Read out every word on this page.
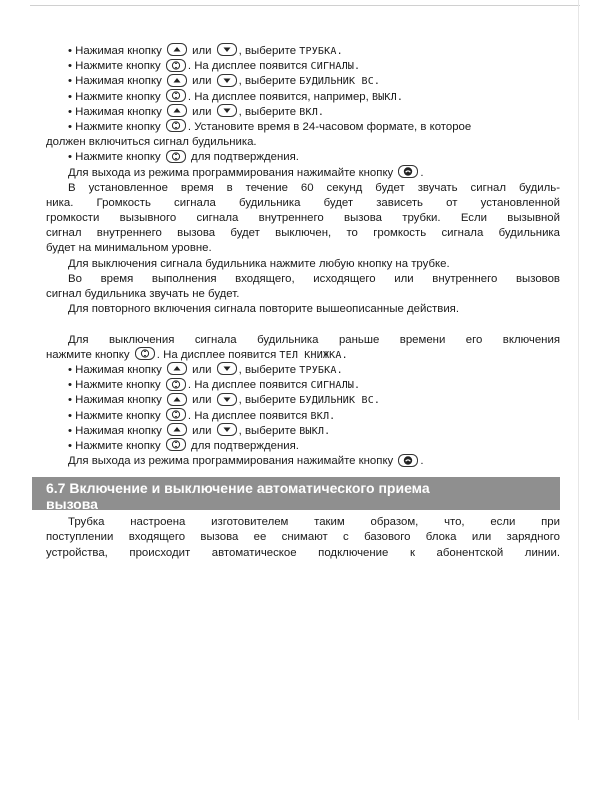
• Нажимая кнопку	или , выберите ТРУБКА.
• Нажмите кнопку . На дисплее появится СИГНАЛЫ.
• Нажимая кнопку	или , выберите БУДИЛЬНИК ВС.
• Нажмите кнопку . На дисплее появится, например, ВЫКЛ.
• Нажимая кнопку	или , выберите ВКЛ.
• Нажмите кнопку . Установите время в 24-часовом формате, в которое
должен включиться сигнал будильника.
• Нажмите кнопку	для подтверждения.
Для выхода из режима программирования нажимайте кнопку .
В установленное время в течение 60 секунд будет звучать сигнал будиль-
ника. Громкость сигнала будильника будет зависеть от установленной
громкости вызывного сигнала внутреннего вызова трубки. Если вызывной
сигнал внутреннего вызова будет выключен, то громкость сигнала будильника
будет на минимальном уровне.
Для выключения сигнала будильника нажмите любую кнопку на трубке.
Во время выполнения входящего, исходящего или внутреннего вызовов
сигнал будильника звучать не будет.
Для повторного включения сигнала повторите вышеописанные действия.
Для выключения сигнала будильника раньше времени его включения
нажмите кнопку . На дисплее появится ТЕЛ КНИЖКА.
• Нажимая кнопку	или , выберите ТРУБКА.
• Нажмите кнопку . На дисплее появится СИГНАЛЫ.
• Нажимая кнопку	или , выберите БУДИЛЬНИК ВС.
• Нажмите кнопку . На дисплее появится ВКЛ.
• Нажимая кнопку	или , выберите ВЫКЛ.
• Нажмите кнопку	для подтверждения.
Для выхода из режима программирования нажимайте кнопку .
6.7 Включение и выключение автоматического приема
вызова
Трубка настроена изготовителем таким образом, что, если при
поступлении входящего вызова ее снимают с базового блока или зарядного
устройства, происходит автоматическое подключение к абонентской линии.
